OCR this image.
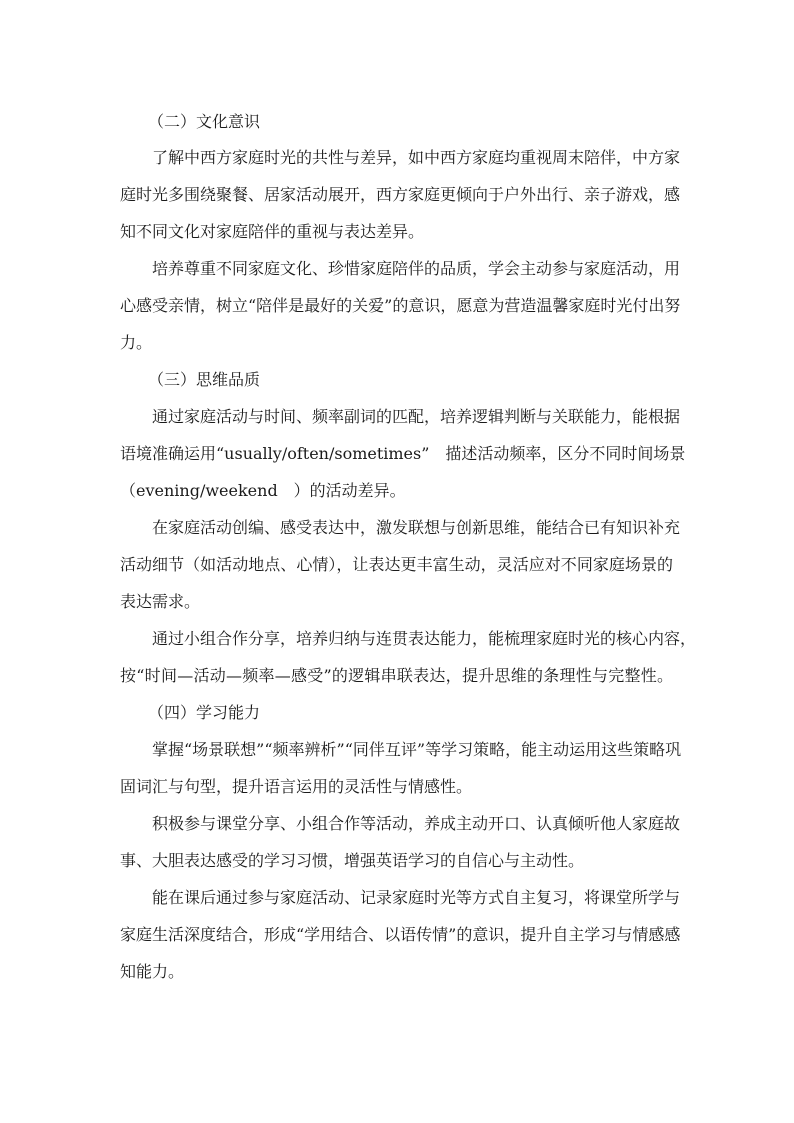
（二）文化意识
了解中西方家庭时光的共性与差异，如中西方家庭均重视周末陪伴，中方家
庭时光多围绕聚餐、居家活动展开，西方家庭更倾向于户外出行、亲子游戏，感
知不同文化对家庭陪伴的重视与表达差异。
培养尊重不同家庭文化、珍惜家庭陪伴的品质，学会主动参与家庭活动，用
心感受亲情，树立“陪伴是最好的关爱”的意识，愿意为营造温馨家庭时光付出努
力。
（三）思维品质
通过家庭活动与时间、频率副词的匹配，培养逻辑判断与关联能力，能根据
语境准确运用“usually/often/sometimes”　描述活动频率，区分不同时间场景
（evening/weekend　）的活动差异。
在家庭活动创编、感受表达中，激发联想与创新思维，能结合已有知识补充
活动细节（如活动地点、心情），让表达更丰富生动，灵活应对不同家庭场景的
表达需求。
通过小组合作分享，培养归纳与连贯表达能力，能梳理家庭时光的核心内容，
按“时间—活动—频率—感受”的逻辑串联表达，提升思维的条理性与完整性。
（四）学习能力
掌握“场景联想”“频率辨析”“同伴互评”等学习策略，能主动运用这些策略巩
固词汇与句型，提升语言运用的灵活性与情感性。
积极参与课堂分享、小组合作等活动，养成主动开口、认真倾听他人家庭故
事、大胆表达感受的学习习惯，增强英语学习的自信心与主动性。
能在课后通过参与家庭活动、记录家庭时光等方式自主复习，将课堂所学与
家庭生活深度结合，形成“学用结合、以语传情”的意识，提升自主学习与情感感
知能力。
